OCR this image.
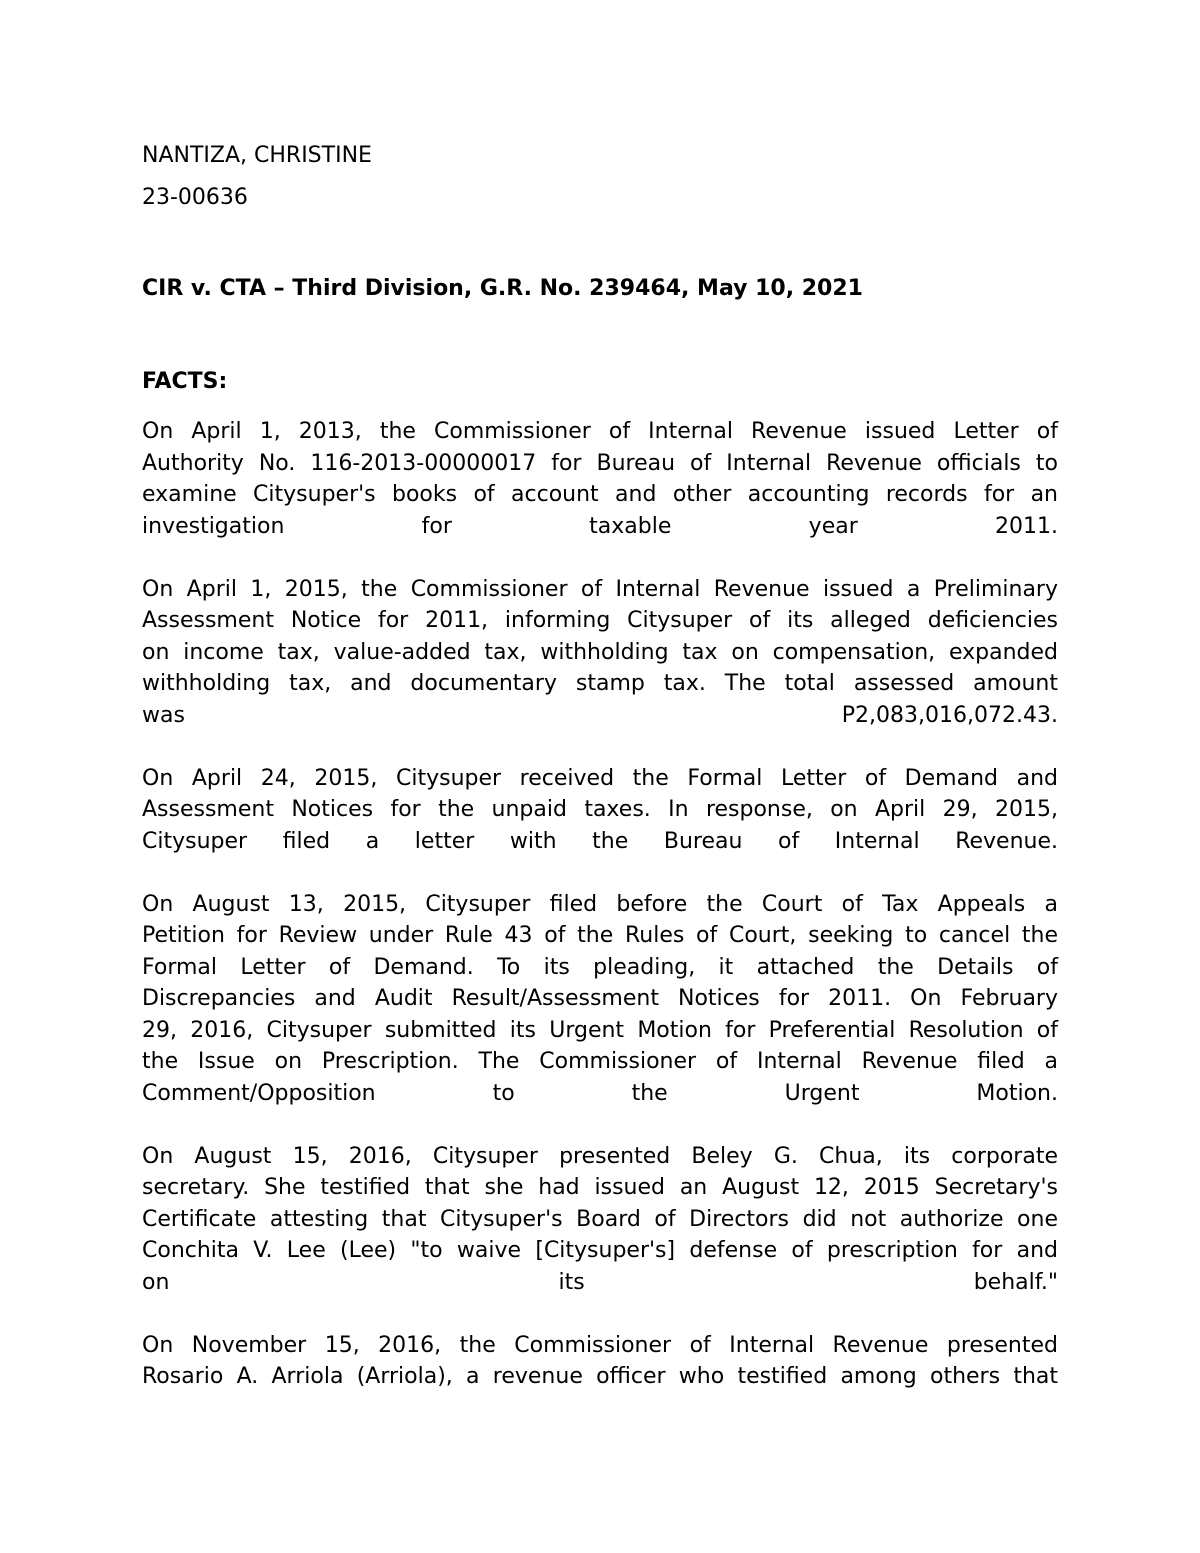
NANTIZA, CHRISTINE
23-00636
CIR v. CTA – Third Division, G.R. No. 239464, May 10, 2021
FACTS:
On April 1, 2013, the Commissioner of Internal Revenue issued Letter of
Authority No. 116-2013-00000017 for Bureau of Internal Revenue officials to
examine Citysuper's books of account and other accounting records for an
investigation for taxable year 2011.
On April 1, 2015, the Commissioner of Internal Revenue issued a Preliminary
Assessment Notice for 2011, informing Citysuper of its alleged deficiencies
on income tax, value-added tax, withholding tax on compensation, expanded
withholding tax, and documentary stamp tax. The total assessed amount
was P2,083,016,072.43.
On April 24, 2015, Citysuper received the Formal Letter of Demand and
Assessment Notices for the unpaid taxes. In response, on April 29, 2015,
Citysuper filed a letter with the Bureau of Internal Revenue.
On August 13, 2015, Citysuper filed before the Court of Tax Appeals a
Petition for Review under Rule 43 of the Rules of Court, seeking to cancel the
Formal Letter of Demand. To its pleading, it attached the Details of
Discrepancies and Audit Result/Assessment Notices for 2011. On February
29, 2016, Citysuper submitted its Urgent Motion for Preferential Resolution of
the Issue on Prescription. The Commissioner of Internal Revenue filed a
Comment/Opposition to the Urgent Motion.
On August 15, 2016, Citysuper presented Beley G. Chua, its corporate
secretary. She testified that she had issued an August 12, 2015 Secretary's
Certificate attesting that Citysuper's Board of Directors did not authorize one
Conchita V. Lee (Lee) "to waive [Citysuper's] defense of prescription for and
on its behalf."
On November 15, 2016, the Commissioner of Internal Revenue presented
Rosario A. Arriola (Arriola), a revenue officer who testified among others that
